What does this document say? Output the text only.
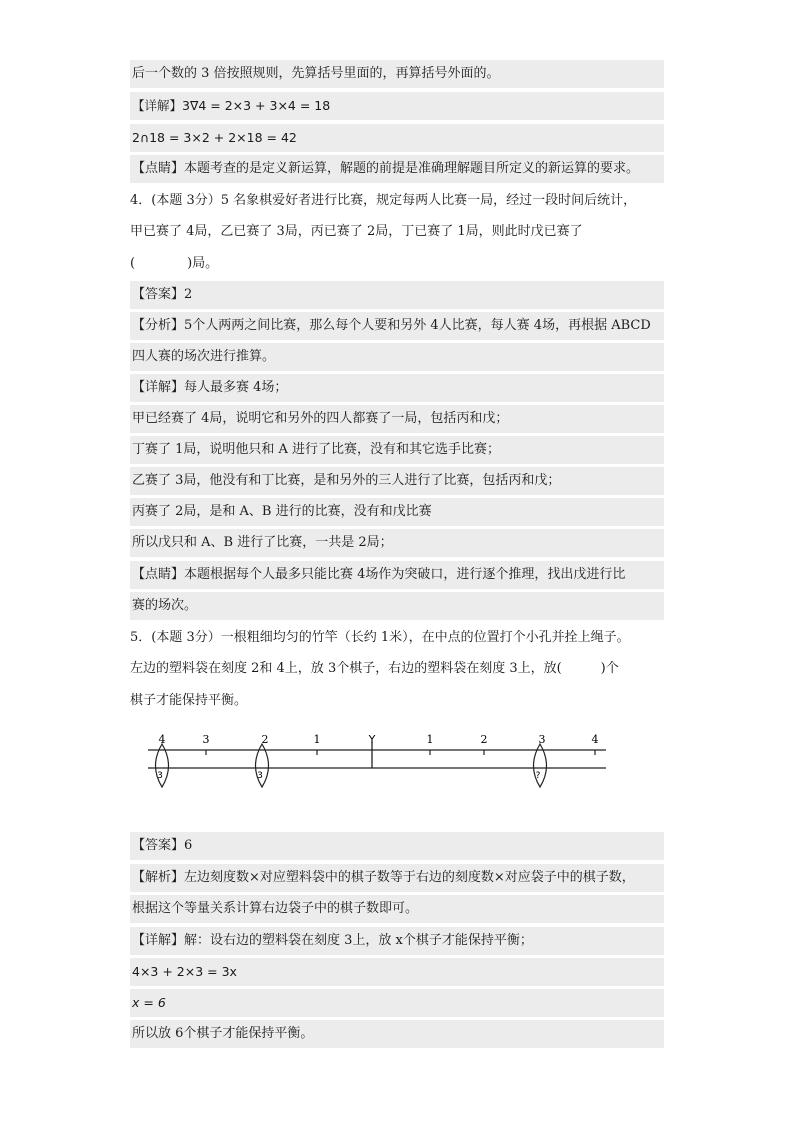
后一个数的 3 倍按照规则，先算括号里面的，再算括号外面的。
【详解】3∇4 = 2×3 + 3×4 = 18
2∩18 = 3×2 + 2×18 = 42
【点睛】本题考查的是定义新运算，解题的前提是准确理解题目所定义的新运算的要求。
4．(本题 3分）5 名象棋爱好者进行比赛，规定每两人比赛一局，经过一段时间后统计，
甲已赛了 4局，乙已赛了 3局，丙已赛了 2局，丁已赛了 1局，则此时戊已赛了
(　　　　)局。
【答案】2
【分析】5个人两两之间比赛，那么每个人要和另外 4人比赛，每人赛 4场，再根据 ABCD
四人赛的场次进行推算。
【详解】每人最多赛 4场；
甲已经赛了 4局，说明它和另外的四人都赛了一局，包括丙和戊；
丁赛了 1局，说明他只和 A 进行了比赛，没有和其它选手比赛；
乙赛了 3局，他没有和丁比赛，是和另外的三人进行了比赛，包括丙和戊；
丙赛了 2局，是和 A、B 进行的比赛，没有和戊比赛
所以戊只和 A、B 进行了比赛，一共是 2局；
【点睛】本题根据每个人最多只能比赛 4场作为突破口，进行逐个推理，找出戊进行比
赛的场次。
5．(本题 3分）一根粗细均匀的竹竿（长约 1米），在中点的位置打个小孔并拴上绳子。
左边的塑料袋在刻度 2和 4上，放 3个棋子，右边的塑料袋在刻度 3上，放(　　　)个
棋子才能保持平衡。
Y
4	3	2	1	1	2	3	4
3	3	?
【答案】6
【解析】左边刻度数×对应塑料袋中的棋子数等于右边的刻度数×对应袋子中的棋子数，
根据这个等量关系计算右边袋子中的棋子数即可。
【详解】解：设右边的塑料袋在刻度 3上，放 x个棋子才能保持平衡；
4×3 + 2×3 = 3x
x = 6
所以放 6个棋子才能保持平衡。
